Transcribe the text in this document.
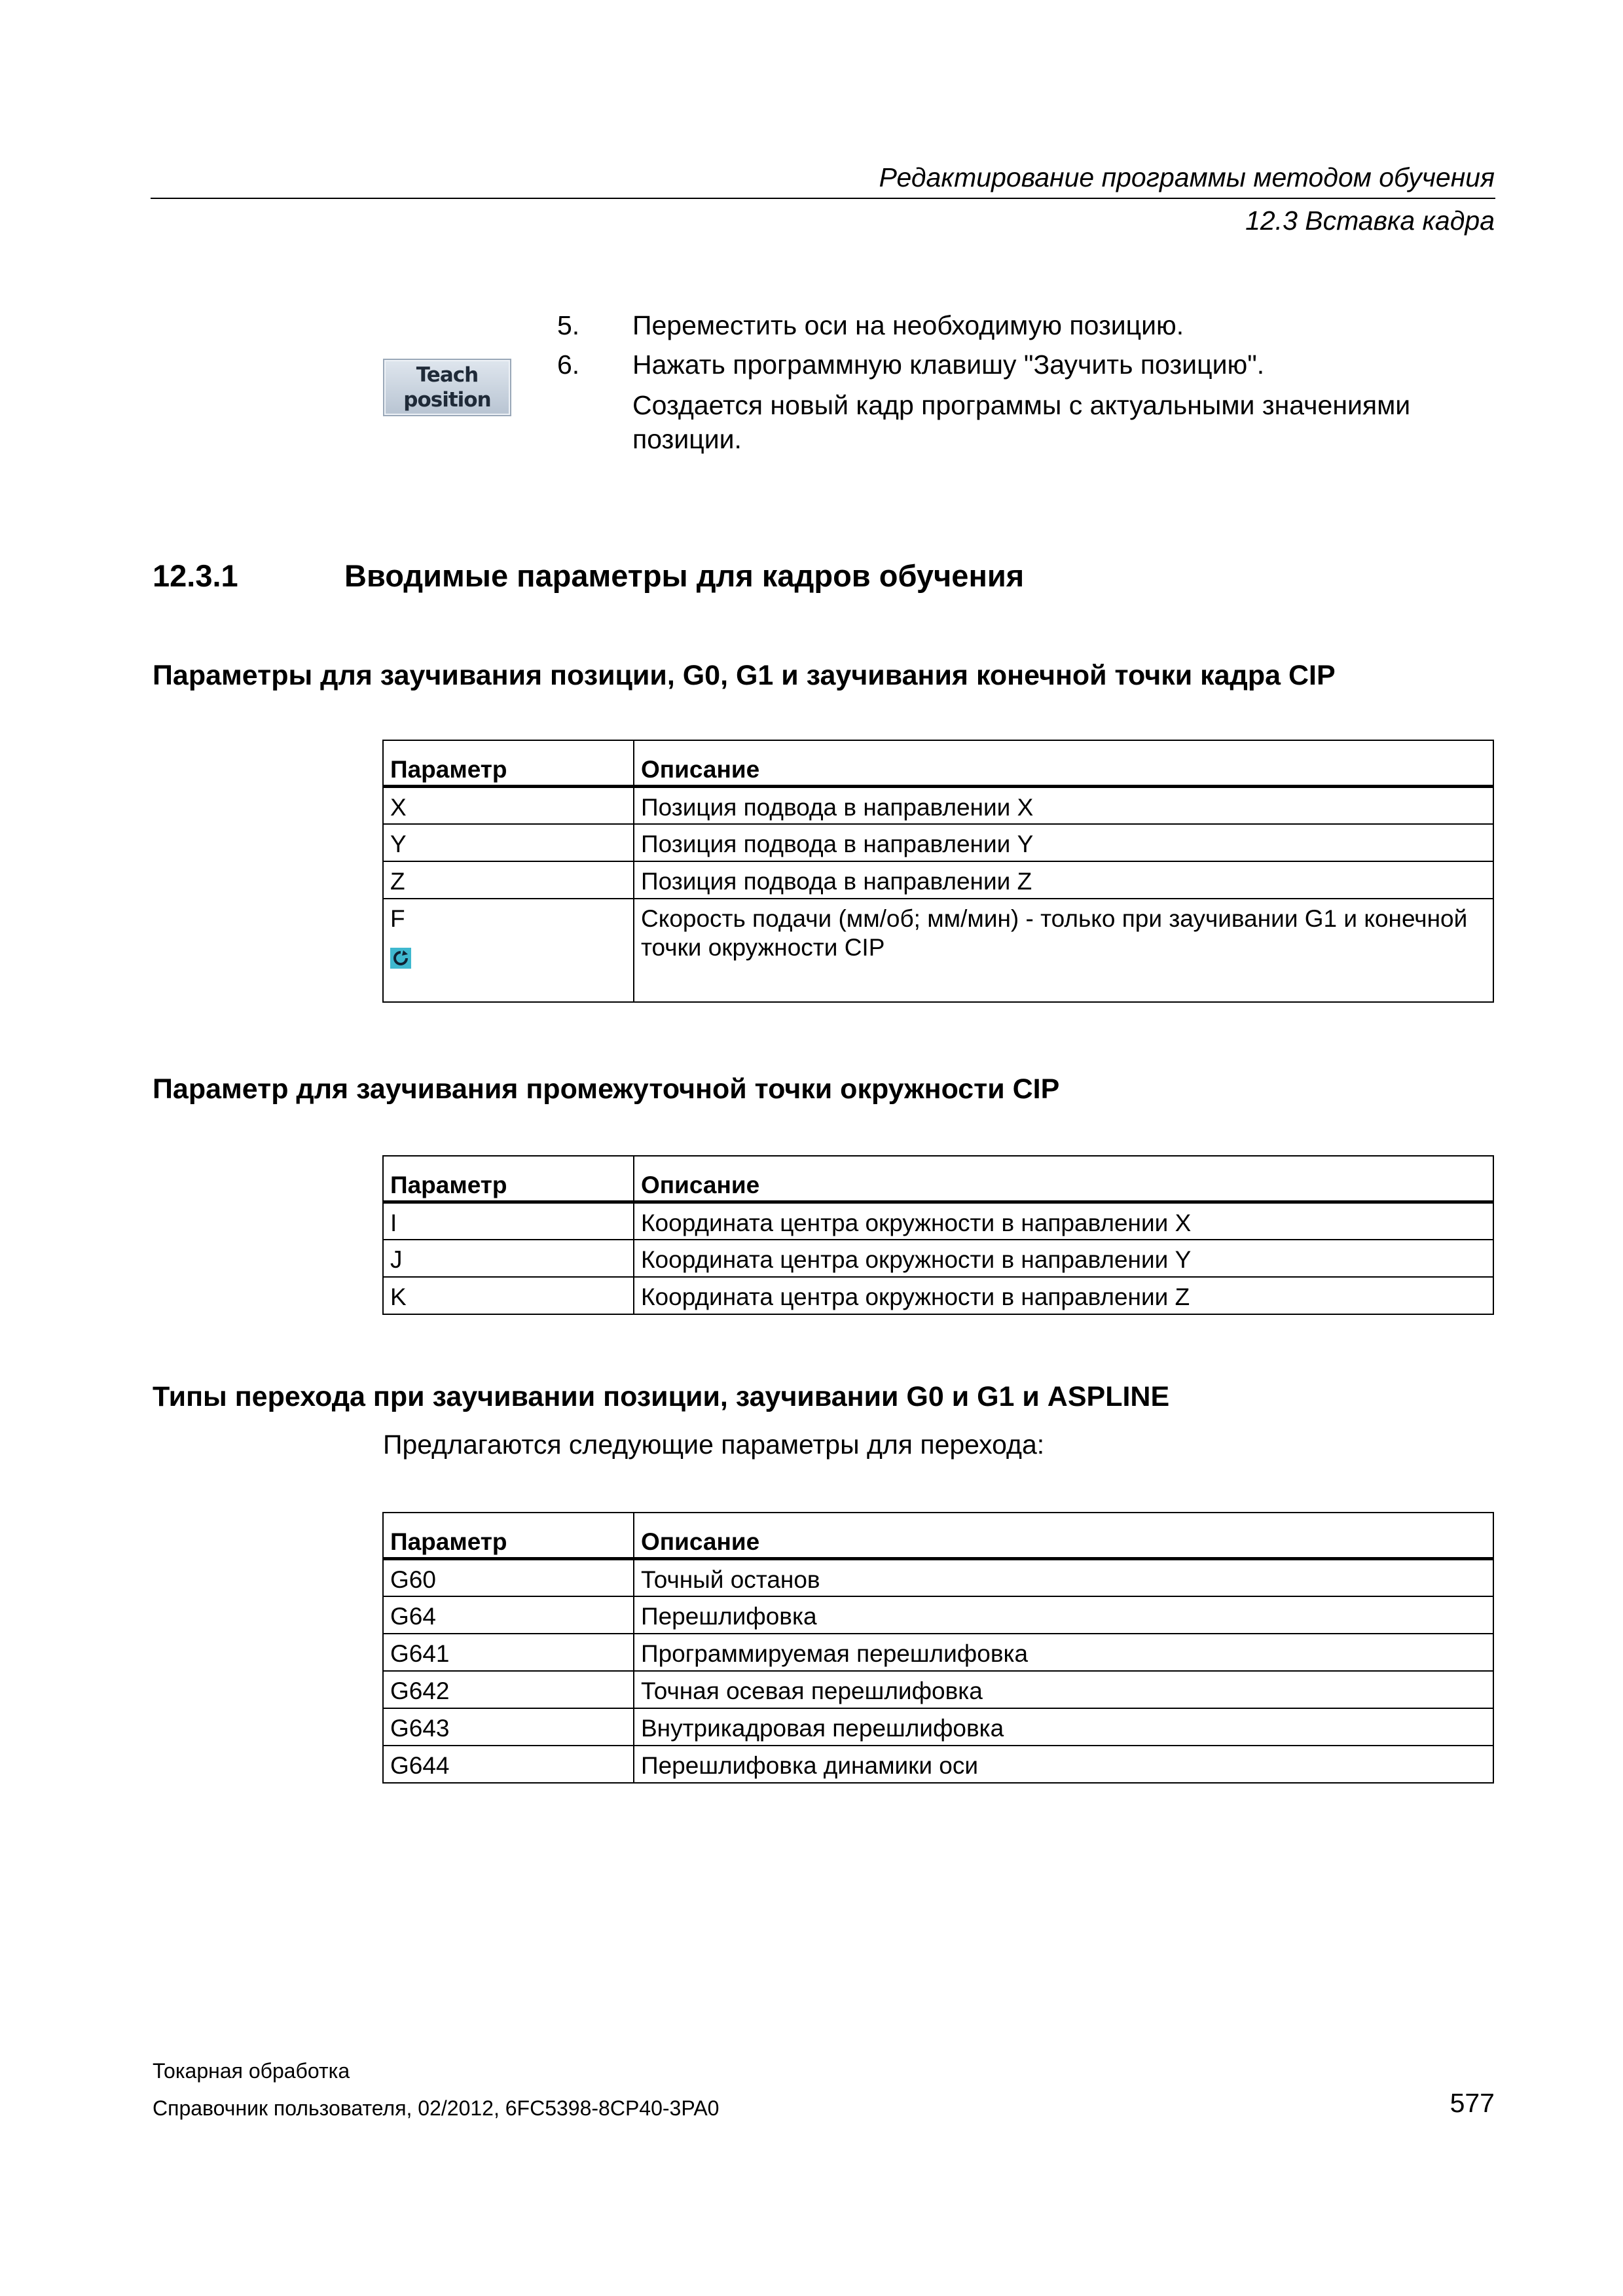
Редактирование программы методом обучения
12.3 Вставка кадра
5. Переместить оси на необходимую позицию.
6. Нажать программную клавишу "Заучить позицию".
Создается новый кадр программы с актуальными значениями
позиции.
Teach
position
12.3.1	Вводимые параметры для кадров обучения
Параметры для заучивания позиции, G0, G1 и заучивания конечной точки кадра CIP
Параметр	Описание
X	Позиция подвода в направлении X
Y	Позиция подвода в направлении Y
Z	Позиция подвода в направлении Z

F	Скорость подачи (мм/об; мм/мин) - только при заучивании G1 и конечной
точки окружности CIP
Параметр для заучивания промежуточной точки окружности CIP
Параметр	Описание
I	Координата центра окружности в направлении X
J	Координата центра окружности в направлении Y
K	Координата центра окружности в направлении Z
Типы перехода при заучивании позиции, заучивании G0 и G1 и ASPLINE
Предлагаются следующие параметры для перехода:
Параметр	Описание
G60	Точный останов
G64	Перешлифовка
G641	Программируемая перешлифовка
G642	Точная осевая перешлифовка
G643	Внутрикадровая перешлифовка
G644	Перешлифовка динамики оси
Токарная обработка
Справочник пользователя, 02/2012, 6FC5398-8CP40-3PA0	577
